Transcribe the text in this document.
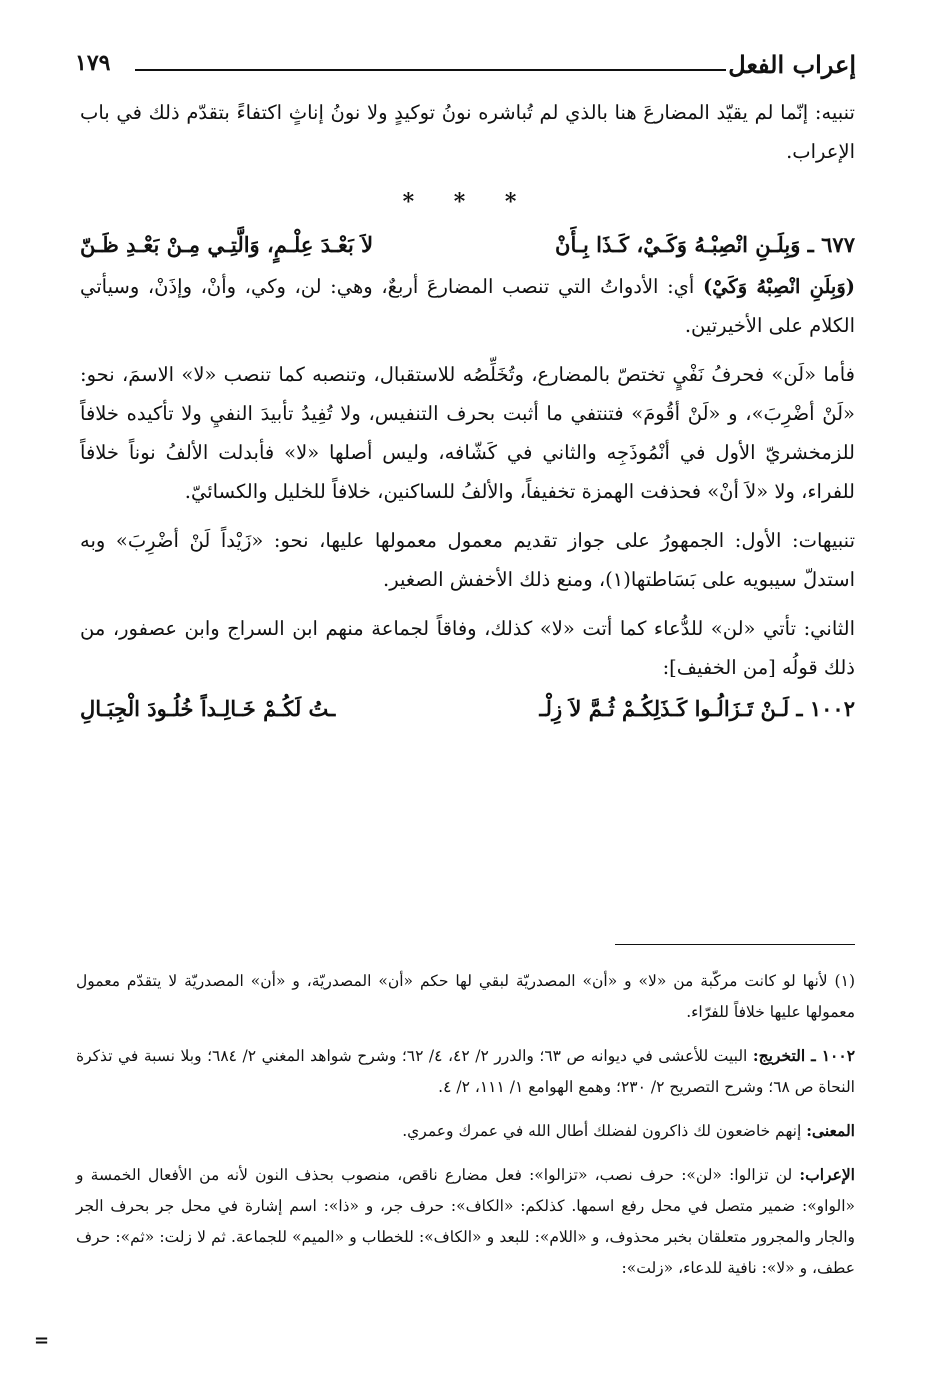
إعراب الفعل
١٧٩

تنبيه: إنّما لم يقيّد المضارعَ هنا بالذي لم تُباشره نونُ توكيدٍ ولا نونُ إناثٍ اكتفاءً بتقدّم ذلك في باب الإعراب.

* * *
٦٧٧ ـ وَبِلَـنِ انْصِبْـهُ وَكَـيْ، كَـذَا بِـأَنْ
لاَ بَعْـدَ عِلْـمٍ، وَالَّتِـي مِـنْ بَعْـدِ ظَـنّ

(وَبِلَنِ انْصِبْهُ وَكَيْ) أي: الأدواتُ التي تنصب المضارعَ أربعٌ، وهي: لن، وكي، وأنْ، وإذَنْ، وسيأتي الكلام على الأخيرتين.

فأما «لَن» فحرفُ نَفْيٍ تختصّ بالمضارع، وتُخَلِّصُه للاستقبال، وتنصبه كما تنصب «لا» الاسمَ، نحو: «لَنْ أضْرِبَ»، و «لَنْ أقُومَ» فتنتفي ما أثبت بحرف التنفيس، ولا تُفِيدُ تأبيدَ النفيِ ولا تأكيده خلافاً للزمخشريّ الأول في أنْمُوذَجِه والثاني في كَشّافه، وليس أصلها «لا» فأبدلت الألفُ نوناً خلافاً للفراء، ولا «لاَ أنْ» فحذفت الهمزة تخفيفاً، والألفُ للساكنين، خلافاً للخليل والكسائيّ.

تنبيهات: الأول: الجمهورُ على جواز تقديم معمول معمولها عليها، نحو: «زَيْداً لَنْ أضْرِبَ» وبه استدلّ سيبويه على بَسَاطتها(١)، ومنع ذلك الأخفش الصغير.

الثاني: تأتي «لن» للدُّعاء كما أتت «لا» كذلك، وفاقاً لجماعة منهم ابن السراج وابن عصفور، من ذلك قولُه [من الخفيف]:

١٠٠٢ ـ لَـنْ تَـزَالُـوا كَـذَلِكُـمْ ثُـمَّ لاَ زِلْـ
ـتُ لَكُـمْ خَـالِـداً خُلُـودَ الْجِبَـالِ

(١) لأنها لو كانت مركّبة من «لا» و «أن» المصدريّة لبقي لها حكم «أن» المصدريّة، و «أن» المصدريّة لا يتقدّم معمول معمولها عليها خلافاً للفرّاء.

١٠٠٢ ـ التخريج: البيت للأعشى في ديوانه ص ٦٣؛ والدرر ٢/ ٤٢، ٤/ ٦٢؛ وشرح شواهد المغني ٢/ ٦٨٤؛ وبلا نسبة في تذكرة النحاة ص ٦٨؛ وشرح التصريح ٢/ ٢٣٠؛ وهمع الهوامع ١/ ١١١، ٢/ ٤.

المعنى: إنهم خاضعون لك ذاكرون لفضلك أطال الله في عمرك وعمري.

الإعراب: لن تزالوا: «لن»: حرف نصب، «تزالوا»: فعل مضارع ناقص، منصوب بحذف النون لأنه من الأفعال الخمسة و «الواو»: ضمير متصل في محل رفع اسمها. كذلكم: «الكاف»: حرف جر، و «ذا»: اسم إشارة في محل جر بحرف الجر والجار والمجرور متعلقان بخبر محذوف، و «اللام»: للبعد و «الكاف»: للخطاب و «الميم» للجماعة. ثم لا زلت: «ثم»: حرف عطف، و «لا»: نافية للدعاء، «زلت»:

=
